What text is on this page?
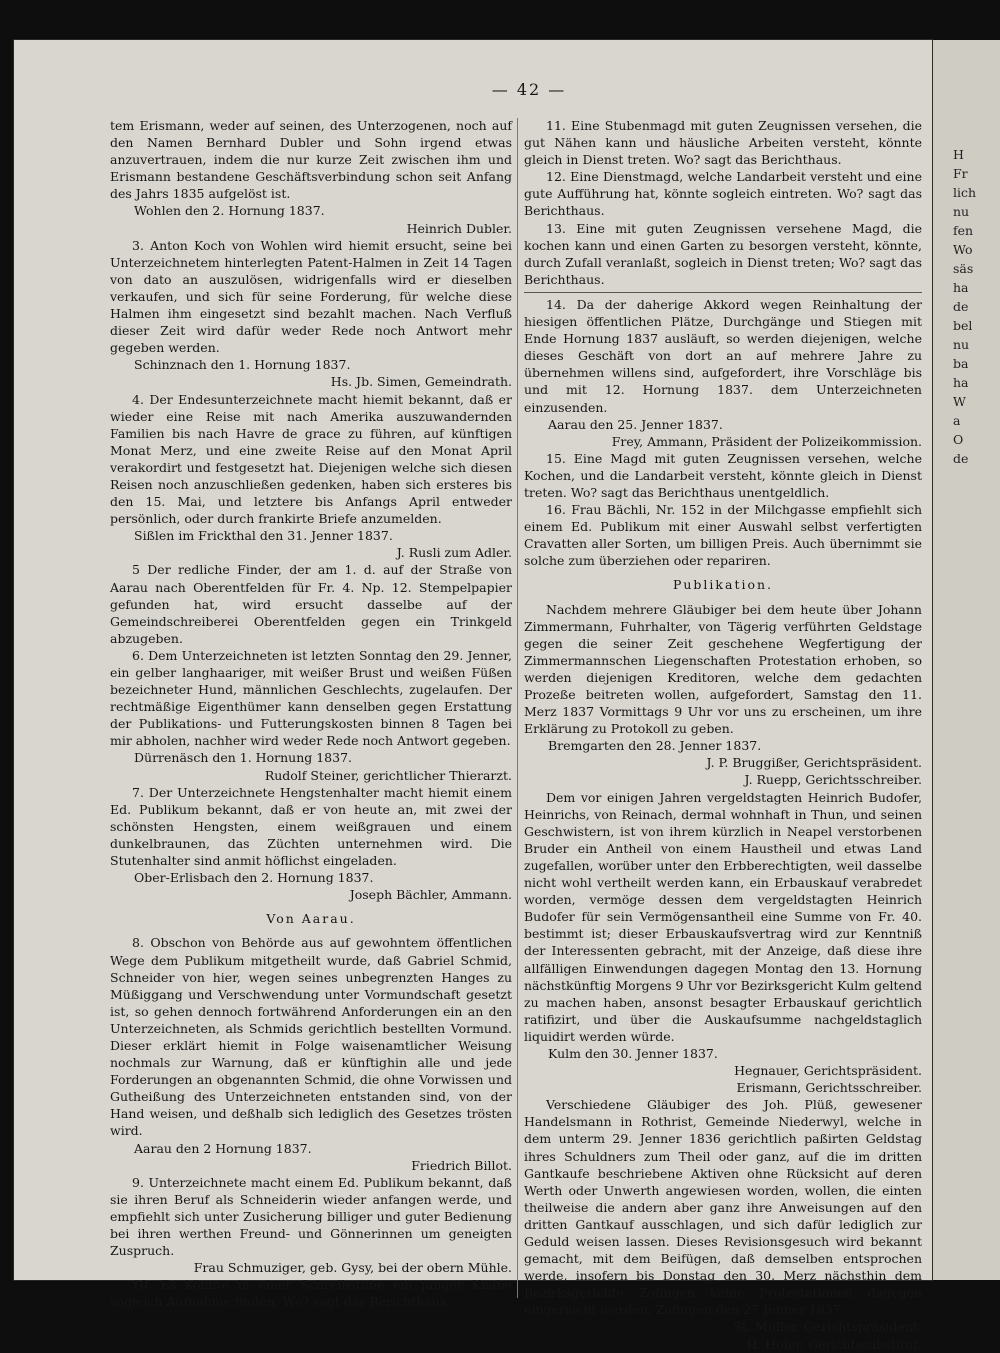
— 42 —

tem Erismann, weder auf seinen, des Unterzogenen, noch auf den Namen Bernhard Dubler und Sohn irgend etwas anzuvertrauen, indem die nur kurze Zeit zwischen ihm und Erismann bestandene Geschäftsverbindung schon seit Anfang des Jahrs 1835 aufgelöst ist.

Wohlen den 2. Hornung 1837.

Heinrich Dubler.

3. Anton Koch von Wohlen wird hiemit ersucht, seine bei Unterzeichnetem hinterlegten Patent-Halmen in Zeit 14 Tagen von dato an auszulösen, widrigenfalls wird er dieselben verkaufen, und sich für seine Forderung, für welche diese Halmen ihm eingesetzt sind bezahlt machen. Nach Verfluß dieser Zeit wird dafür weder Rede noch Antwort mehr gegeben werden.

Schinznach den 1. Hornung 1837.

Hs. Jb. Simen, Gemeindrath.

4. Der Endesunterzeichnete macht hiemit bekannt, daß er wieder eine Reise mit nach Amerika auszuwandernden Familien bis nach Havre de grace zu führen, auf künftigen Monat Merz, und eine zweite Reise auf den Monat April verakordirt und festgesetzt hat. Diejenigen welche sich diesen Reisen noch anzuschließen gedenken, haben sich ersteres bis den 15. Mai, und letztere bis Anfangs April entweder persönlich, oder durch frankirte Briefe anzumelden.

Sißlen im Frickthal den 31. Jenner 1837.

J. Rusli zum Adler.

5 Der redliche Finder, der am 1. d. auf der Straße von Aarau nach Oberentfelden für Fr. 4. Np. 12. Stempelpapier gefunden hat, wird ersucht dasselbe auf der Gemeindschreiberei Oberentfelden gegen ein Trinkgeld abzugeben.

6. Dem Unterzeichneten ist letzten Sonntag den 29. Jenner, ein gelber langhaariger, mit weißer Brust und weißen Füßen bezeichneter Hund, männlichen Geschlechts, zugelaufen. Der rechtmäßige Eigenthümer kann denselben gegen Erstattung der Publikations- und Futterungskosten binnen 8 Tagen bei mir abholen, nachher wird weder Rede noch Antwort gegeben.

Dürrenäsch den 1. Hornung 1837.

Rudolf Steiner, gerichtlicher Thierarzt.

7. Der Unterzeichnete Hengstenhalter macht hiemit einem Ed. Publikum bekannt, daß er von heute an, mit zwei der schönsten Hengsten, einem weißgrauen und einem dunkelbraunen, das Züchten unternehmen wird. Die Stutenhalter sind anmit höflichst eingeladen.

Ober-Erlisbach den 2. Hornung 1837.

Joseph Bächler, Ammann.

Von Aarau.

8. Obschon von Behörde aus auf gewohntem öffentlichen Wege dem Publikum mitgetheilt wurde, daß Gabriel Schmid, Schneider von hier, wegen seines unbegrenzten Hanges zu Müßiggang und Verschwendung unter Vormundschaft gesetzt ist, so gehen dennoch fortwährend Anforderungen ein an den Unterzeichneten, als Schmids gerichtlich bestellten Vormund. Dieser erklärt hiemit in Folge waisenamtlicher Weisung nochmals zur Warnung, daß er künftighin alle und jede Forderungen an obgenannten Schmid, die ohne Vorwissen und Gutheißung des Unterzeichneten entstanden sind, von der Hand weisen, und deßhalb sich lediglich des Gesetzes trösten wird.

Aarau den 2 Hornung 1837.

Friedrich Billot.

9. Unterzeichnete macht einem Ed. Publikum bekannt, daß sie ihren Beruf als Schneiderin wieder anfangen werde, und empfiehlt sich unter Zusicherung billiger und guter Bedienung bei ihren werthen Freund- und Gönnerinnen um geneigten Zuspruch.

Frau Schmuziger, geb. Gysy, bei der obern Mühle.

10. Es könnte in einer Schreibstube ein junger Knabe sogleich Aufnahme finden. Wo? sagt das Berichthaus.

11. Eine Stubenmagd mit guten Zeugnissen versehen, die gut Nähen kann und häusliche Arbeiten versteht, könnte gleich in Dienst treten. Wo? sagt das Berichthaus.

12. Eine Dienstmagd, welche Landarbeit versteht und eine gute Aufführung hat, könnte sogleich eintreten. Wo? sagt das Berichthaus.

13. Eine mit guten Zeugnissen versehene Magd, die kochen kann und einen Garten zu besorgen versteht, könnte, durch Zufall veranlaßt, sogleich in Dienst treten; Wo? sagt das Berichthaus.

14. Da der daherige Akkord wegen Reinhaltung der hiesigen öffentlichen Plätze, Durchgänge und Stiegen mit Ende Hornung 1837 ausläuft, so werden diejenigen, welche dieses Geschäft von dort an auf mehrere Jahre zu übernehmen willens sind, aufgefordert, ihre Vorschläge bis und mit 12. Hornung 1837. dem Unterzeichneten einzusenden.

Aarau den 25. Jenner 1837.

Frey, Ammann, Präsident der Polizeikommission.

15. Eine Magd mit guten Zeugnissen versehen, welche Kochen, und die Landarbeit versteht, könnte gleich in Dienst treten. Wo? sagt das Berichthaus unentgeldlich.

16. Frau Bächli, Nr. 152 in der Milchgasse empfiehlt sich einem Ed. Publikum mit einer Auswahl selbst verfertigten Cravatten aller Sorten, um billigen Preis. Auch übernimmt sie solche zum überziehen oder repariren.

Publikation.

Nachdem mehrere Gläubiger bei dem heute über Johann Zimmermann, Fuhrhalter, von Tägerig verführten Geldstage gegen die seiner Zeit geschehene Wegfertigung der Zimmermannschen Liegenschaften Protestation erhoben, so werden diejenigen Kreditoren, welche dem gedachten Prozeße beitreten wollen, aufgefordert, Samstag den 11. Merz 1837 Vormittags 9 Uhr vor uns zu erscheinen, um ihre Erklärung zu Protokoll zu geben.

Bremgarten den 28. Jenner 1837.

J. P. Bruggißer, Gerichtspräsident.

J. Ruepp, Gerichtsschreiber.

Dem vor einigen Jahren vergeldstagten Heinrich Budofer, Heinrichs, von Reinach, dermal wohnhaft in Thun, und seinen Geschwistern, ist von ihrem kürzlich in Neapel verstorbenen Bruder ein Antheil von einem Haustheil und etwas Land zugefallen, worüber unter den Erbberechtigten, weil dasselbe nicht wohl vertheilt werden kann, ein Erbauskauf verabredet worden, vermöge dessen dem vergeldstagten Heinrich Budofer für sein Vermögensantheil eine Summe von Fr. 40. bestimmt ist; dieser Erbauskaufsvertrag wird zur Kenntniß der Interessenten gebracht, mit der Anzeige, daß diese ihre allfälligen Einwendungen dagegen Montag den 13. Hornung nächstkünftig Morgens 9 Uhr vor Bezirksgericht Kulm geltend zu machen haben, ansonst besagter Erbauskauf gerichtlich ratifizirt, und über die Auskaufsumme nachgeldstaglich liquidirt werden würde.

Kulm den 30. Jenner 1837.

Hegnauer, Gerichtspräsident.

Erismann, Gerichtsschreiber.

Verschiedene Gläubiger des Joh. Plüß, gewesener Handelsmann in Rothrist, Gemeinde Niederwyl, welche in dem unterm 29. Jenner 1836 gerichtlich paßirten Geldstag ihres Schuldners zum Theil oder ganz, auf die im dritten Gantkaufe beschriebene Aktiven ohne Rücksicht auf deren Werth oder Unwerth angewiesen worden, wollen, die einten theilweise die andern aber ganz ihre Anweisungen auf den dritten Gantkauf ausschlagen, und sich dafür lediglich zur Geduld weisen lassen. Dieses Revisionsgesuch wird bekannt gemacht, mit dem Beifügen, daß demselben entsprochen werde, insofern bis Donstag den 30. Merz nächsthin dem Bezirksgerichte Zofingen keine Protestationen dagegen eingereicht werden, Zofingen den 27 Jenner 1837.

St. Müller, Gerichtspräsident.

H. Hofer, Gerichtssubstitut.

H
Fr
lich
nu
fen
Wo
säs
ha
de
bel
nu
ba
ha
W
a
O
de
